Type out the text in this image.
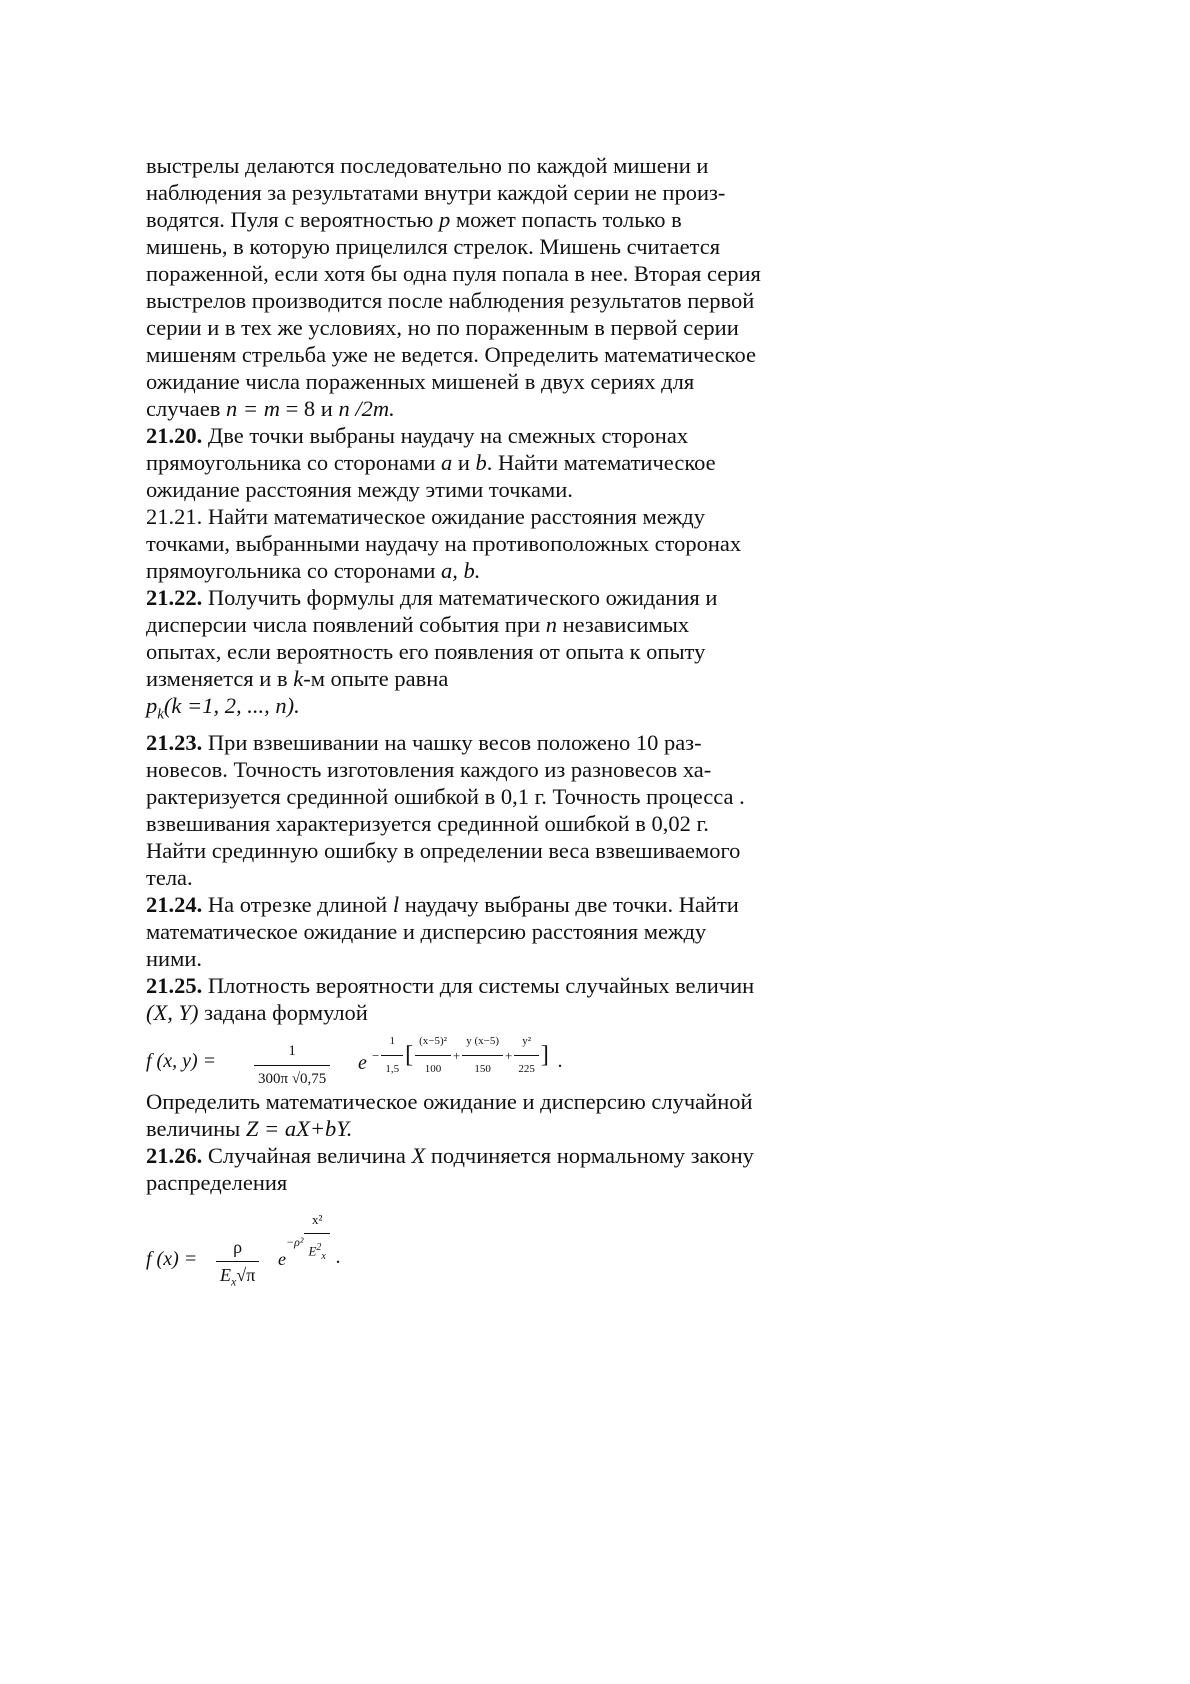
выстрелы делаются последовательно по каждой мишени и
наблюдения за результатами внутри каждой серии не произ-
водятся. Пуля с вероятностью p может попасть только в
мишень, в которую прицелился стрелок. Мишень считается
пораженной, если хотя бы одна пуля попала в нее. Вторая серия
выстрелов производится после наблюдения результатов первой
серии и в тех же условиях, но по пораженным в первой серии
мишеням стрельба уже не ведется. Определить математическое
ожидание числа пораженных мишеней в двух сериях для
случаев n = m = 8 и n /2m.

21.20. Две точки выбраны наудачу на смежных сторонах
прямоугольника со сторонами a и b. Найти математическое
ожидание расстояния между этими точками.

21.21. Найти математическое ожидание расстояния между
точками, выбранными наудачу на противоположных сторонах
прямоугольника со сторонами a, b.

21.22. Получить формулы для математического ожидания и
дисперсии числа появлений события при n независимых
опытах, если вероятность его появления от опыта к опыту
изменяется и в k-м опыте равна
$p_k(k =1$, 2, ..., n).

21.23. При взвешивании на чашку весов положено 10 раз-
новесов. Точность изготовления каждого из разновесов ха-
рактеризуется срединной ошибкой в 0,1 г. Точность процесса .
взвешивания характеризуется срединной ошибкой в 0,02 г.
Найти срединную ошибку в определении веса взвешиваемого
тела.

21.24. На отрезке длиной l наудачу выбраны две точки. Найти
математическое ожидание и дисперсию расстояния между
ними.

21.25. Плотность вероятности для системы случайных величин
(X, Y) задана формулой

f (x, y) =	$\frac{1}{300\pi √0,75}$ $e - \frac{1}{1,5}$ [ $\frac{\text{(x−5)²}}{100} + \frac{y (x-5)}{150} + \frac{\text{y²}}{225}$ ] .

Определить математическое ожидание и дисперсию случайной
величины Z = aX+bY.

21.26. Случайная величина X подчиняется нормальному закону
распределения

f $(x) = \frac{\rho}{E_x√\pi}$ e
$-\rho^2 \frac{\text{x²}}{E^2_x}$ .
